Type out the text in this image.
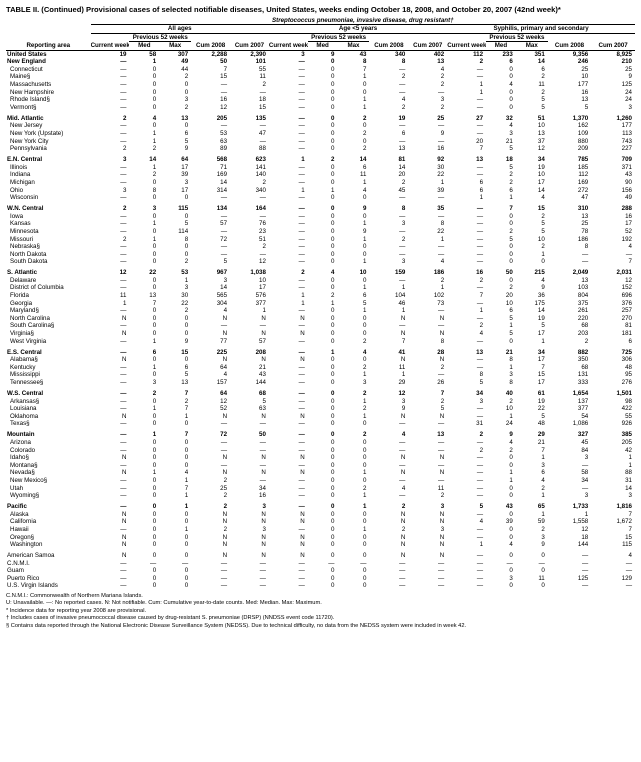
TABLE II. (Continued) Provisional cases of selected notifiable diseases, United States, weeks ending October 18, 2008, and October 20, 2007 (42nd week)*
	Streptococcus pneumoniae, invasive disease, drug resistant†														
	All ages					Age <5 years					Syphilis, primary and secondary				
		Previous 52 weeks					Previous 52 weeks					Previous 52 weeks			
Reporting area	Current week	Med	Max	Cum 2008	Cum 2007	Current week	Med	Max	Cum 2008	Cum 2007	Current week	Med	Max	Cum 2008	Cum 2007
United States	19	58	307	2,288	2,390	3	9	43	340	402	112	233	351	9,356	8,925
New England	—	1	49	50	101	—	0	8	8	13	2	6	14	246	210
Connecticut	—	0	44	7	55	—	0	7	—	4	—	0	6	25	25
Maine§	—	0	2	15	11	—	0	1	2	2	—	0	2	10	9
Massachusetts	—	0	0	—	2	—	0	0	—	2	1	4	11	177	125
New Hampshire	—	0	0	—	—	—	0	0	—	—	1	0	2	16	24
Rhode Island§	—	0	3	16	18	—	0	1	4	3	—	0	5	13	24
Vermont§	—	0	2	12	15	—	0	1	2	2	—	0	5	5	3
Mid. Atlantic	2	4	13	205	135	—	0	2	19	25	27	32	51	1,370	1,260
New Jersey	—	0	0	—	—	—	0	0	—	—	—	4	10	162	177
New York (Upstate)	—	1	6	53	47	—	0	2	6	9	—	3	13	109	113
New York City	—	1	5	63	—	—	0	0	—	—	20	21	37	880	743
Pennsylvania	2	2	9	89	88	—	0	2	13	16	7	5	12	209	227
E.N. Central	3	14	64	568	623	1	2	14	81	92	13	18	34	785	709
Illinois	—	1	17	71	141	—	0	6	14	30	—	5	19	185	371
Indiana	—	2	39	169	140	—	0	11	20	22	—	2	10	112	43
Michigan	—	0	3	14	2	—	0	1	2	1	6	2	17	169	90
Ohio	3	8	17	314	340	1	1	4	45	39	6	6	14	272	156
Wisconsin	—	0	0	—	—	—	0	0	—	—	1	1	4	47	49
W.N. Central	2	3	115	134	164	—	0	9	8	35	—	7	15	310	288
Iowa	—	0	0	—	—	—	0	0	—	—	—	0	2	13	16
Kansas	—	1	5	57	76	—	0	1	3	8	—	0	5	25	17
Minnesota	—	0	114	—	23	—	0	9	—	22	—	2	5	78	52
Missouri	2	1	8	72	51	—	0	1	2	1	—	5	10	186	192
Nebraska§	—	0	0	—	2	—	0	0	—	—	—	0	2	8	4
North Dakota	—	0	0	—	—	—	0	0	—	—	—	0	1	—	—
South Dakota	—	0	2	5	12	—	0	1	3	4	—	0	0	—	7
S. Atlantic	12	22	53	967	1,038	2	4	10	159	186	16	50	215	2,049	2,031
Delaware	—	0	1	3	10	—	0	0	—	2	2	0	4	13	12
District of Columbia	—	0	3	14	17	—	0	1	1	1	—	2	9	103	152
Florida	11	13	30	565	576	1	2	6	104	102	7	20	36	804	696
Georgia	1	7	22	304	377	1	1	5	46	73	—	10	175	375	376
Maryland§	—	0	2	4	1	—	0	1	1	—	1	6	14	261	257
North Carolina	N	0	0	N	N	N	0	0	N	N	—	5	19	220	270
South Carolina§	—	0	0	—	—	—	0	0	—	—	2	1	5	68	81
Virginia§	N	0	0	N	N	N	0	0	N	N	4	5	17	203	181
West Virginia	—	1	9	77	57	—	0	2	7	8	—	0	1	2	6
E.S. Central	—	6	15	225	208	—	1	4	41	28	13	21	34	882	725
Alabama§	N	0	0	N	N	N	0	0	N	N	—	8	17	350	306
Kentucky	—	1	6	64	21	—	0	2	11	2	—	1	7	68	48
Mississippi	—	0	5	4	43	—	0	1	1	—	8	3	15	131	95
Tennessee§	—	3	13	157	144	—	0	3	29	26	5	8	17	333	276
W.S. Central	—	2	7	64	68	—	0	2	12	7	34	40	61	1,654	1,501
Arkansas§	—	0	2	12	5	—	0	1	3	2	3	2	19	137	98
Louisiana	—	1	7	52	63	—	0	2	9	5	—	10	22	377	422
Oklahoma	N	0	1	N	N	N	0	1	N	N	—	1	5	54	55
Texas§	—	0	0	—	—	—	0	0	—	—	31	24	48	1,086	926
Mountain	—	1	7	72	50	—	0	2	4	13	2	9	29	327	385
Arizona	—	0	0	—	—	—	0	0	—	—	—	4	21	45	205
Colorado	—	0	0	—	—	—	0	0	—	—	2	2	7	84	42
Idaho§	N	0	0	N	N	N	0	0	N	N	—	0	1	3	1
Montana§	—	0	0	—	—	—	0	0	—	—	—	0	3	—	1
Nevada§	N	1	4	N	N	N	0	1	N	N	—	1	6	58	88
New Mexico§	—	0	1	2	—	—	0	0	—	—	—	1	4	34	31
Utah	—	0	7	25	34	—	0	2	4	11	—	0	2	—	14
Wyoming§	—	0	1	2	16	—	0	1	—	2	—	0	1	3	3
Pacific	—	0	1	2	3	—	0	1	2	3	5	43	65	1,733	1,816
Alaska	N	0	0	N	N	N	0	0	N	N	—	0	1	1	7
California	N	0	0	N	N	N	0	0	N	N	4	39	59	1,558	1,672
Hawaii	—	0	1	2	3	—	0	1	2	3	—	0	2	12	7
Oregon§	N	0	0	N	N	N	0	0	N	N	—	0	3	18	15
Washington	N	0	0	N	N	N	0	0	N	N	1	4	9	144	115
American Samoa	N	0	0	N	N	N	0	0	N	N	—	0	0	—	4
C.N.M.I.	—	—	—	—	—	—	—	—	—	—	—	—	—	—	—
Guam	—	0	0	—	—	—	0	0	—	—	—	0	0	—	—
Puerto Rico	—	0	0	—	—	—	0	0	—	—	—	3	11	125	129
U.S. Virgin Islands	—	0	0	—	—	—	0	0	—	—	—	0	0	—	—
C.N.M.I.: Commonwealth of Northern Mariana Islands.
U: Unavailable. —: No reported cases. N: Not notifiable. Cum: Cumulative year-to-date counts. Med: Median. Max: Maximum.
* Incidence data for reporting year 2008 are provisional.
† Includes cases of invasive pneumococcal disease caused by drug-resistant S. pneumoniae (DRSP) (NNDSS event code 11720).
§ Contains data reported through the National Electronic Disease Surveillance System (NEDSS). Due to technical difficulty, no data from the NEDSS system were included in week 42.
